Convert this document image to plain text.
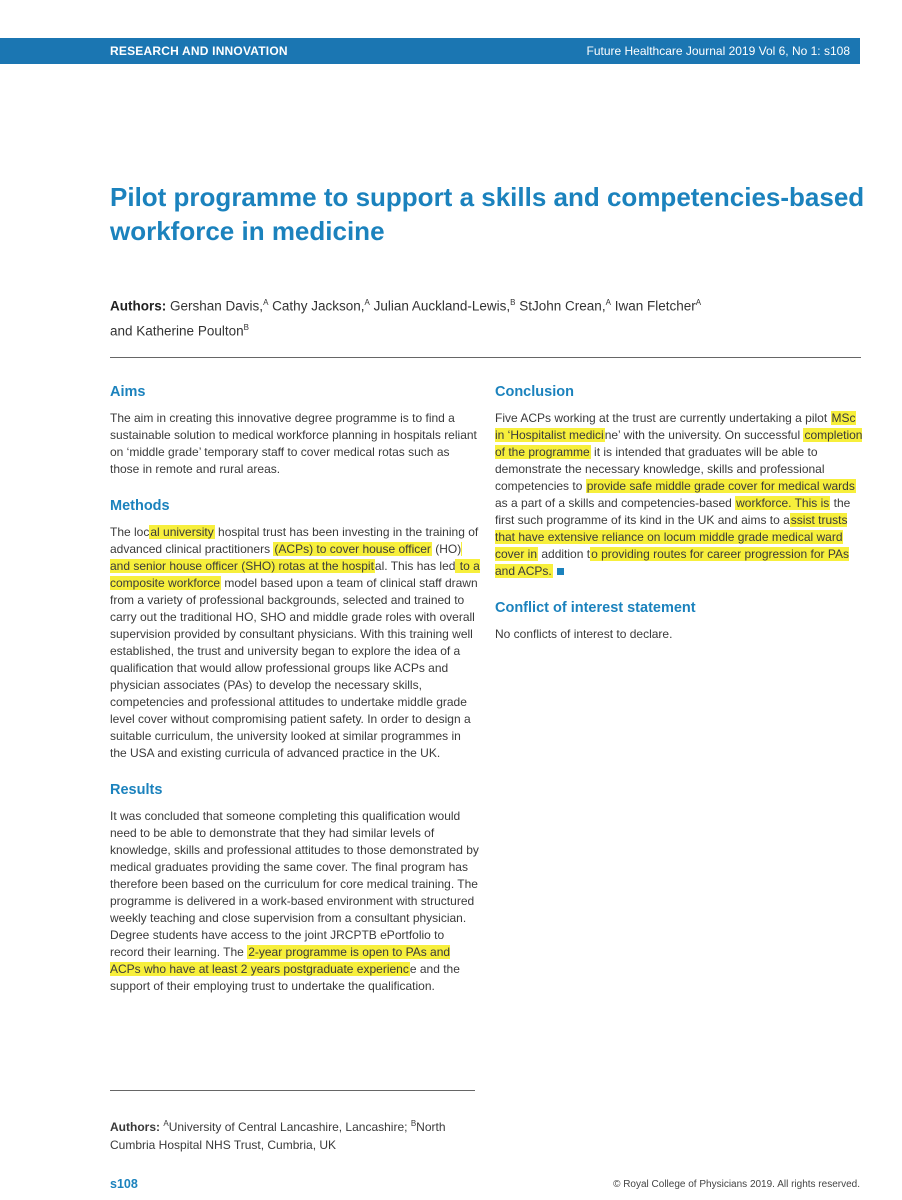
RESEARCH AND INNOVATION	Future Healthcare Journal 2019 Vol 6, No 1: s108
Pilot programme to support a skills and competencies-based workforce in medicine
Authors: Gershan Davis,$^A$ Cathy Jackson,$^A$ Julian Auckland-Lewis,$^B$ StJohn Crean,$^A$ Iwan Fletcher$^A$
and Katherine Poulton$^B$
Aims

The aim in creating this innovative degree programme is to find a sustainable solution to medical workforce planning in hospitals reliant on ‘middle grade’ temporary staff to cover medical rotas such as those in remote and rural areas.

Methods

The local university hospital trust has been investing in the training of advanced clinical practitioners (ACPs) to cover house officer (HO) and senior house officer (SHO) rotas at the hospital. This has led to a composite workforce model based upon a team of clinical staff drawn from a variety of professional backgrounds, selected and trained to carry out the traditional HO, SHO and middle grade roles with overall supervision provided by consultant physicians. With this training well established, the trust and university began to explore the idea of a qualification that would allow professional groups like ACPs and physician associates (PAs) to develop the necessary skills, competencies and professional attitudes to undertake middle grade level cover without compromising patient safety. In order to design a suitable curriculum, the university looked at similar programmes in the USA and existing curricula of advanced practice in the UK.

Results

It was concluded that someone completing this qualification would need to be able to demonstrate that they had similar levels of knowledge, skills and professional attitudes to those demonstrated by medical graduates providing the same cover. The final program has therefore been based on the curriculum for core medical training. The programme is delivered in a work-based environment with structured weekly teaching and close supervision from a consultant physician. Degree students have access to the joint JRCPTB ePortfolio to record their learning. The 2-year programme is open to PAs and ACPs who have at least 2 years postgraduate experience and the support of their employing trust to undertake the qualification.

Conclusion

Five ACPs working at the trust are currently undertaking a pilot MSc in ‘Hospitalist medicine’ with the university. On successful completion of the programme it is intended that graduates will be able to demonstrate the necessary knowledge, skills and professional competencies to provide safe middle grade cover for medical wards as a part of a skills and competencies-based workforce. This is the first such programme of its kind in the UK and aims to assist trusts that have extensive reliance on locum middle grade medical ward cover in addition to providing routes for career progression for PAs and ACPs.

Conflict of interest statement

No conflicts of interest to declare.

Authors: $^A$University of Central Lancashire, Lancashire; $^B$North Cumbria Hospital NHS Trust, Cumbria, UK
s108	© Royal College of Physicians 2019. All rights reserved.
